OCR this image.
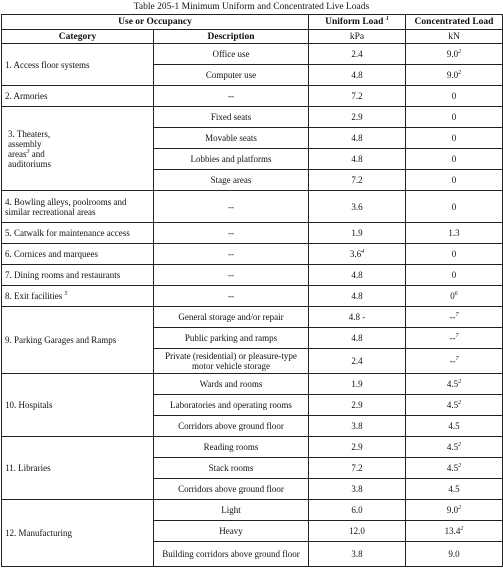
Table 205-1 Minimum Uniform and Concentrated Live Loads
Use or Occupancy		Uniform Load $^1$	Concentrated Load
Category	Description	kPa	kN
1. Access floor systems	Office use	2.4	$9.0^2$
	Computer use	4.8	$9.0^2$
2. Armories	--	7.2	0
3. Theaters,
assembly
areas$^3$ and
auditoriums	Fixed seats	2.9	0
	Movable seats	4.8	0
	Lobbies and platforms	4.8	0
	Stage areas	7.2	0
4. Bowling alleys, poolrooms and similar recreational areas	--	3.6	0
5. Catwalk for maintenance access	--	1.9	1.3
6. Cornices and marquees	--	$3.6^4$	0
7. Dining rooms and restaurants	--	4.8	0
8. Exit facilities $^5$	--	4.8	$0^6$
9. Parking Garages and Ramps	General storage and/or repair	4.8 -	--$^7$
	Public parking and ramps	4.8	--$^7$
	Private (residential) or pleasure-type motor vehicle storage	2.4	--$^7$
10. Hospitals	Wards and rooms	1.9	$4.5^2$
	Laboratories and operating rooms	2.9	$4.5^2$
	Corridors above ground floor	3.8	4.5
11. Libraries	Reading rooms	2.9	$4.5^2$
	Stack rooms	7.2	$4.5^2$
	Corridors above ground floor	3.8	4.5
12. Manufacturing	Light	6.0	$9.0^2$
	Heavy	12.0	13.4$^2$
	Building corridors above ground floor	3.8	9.0
